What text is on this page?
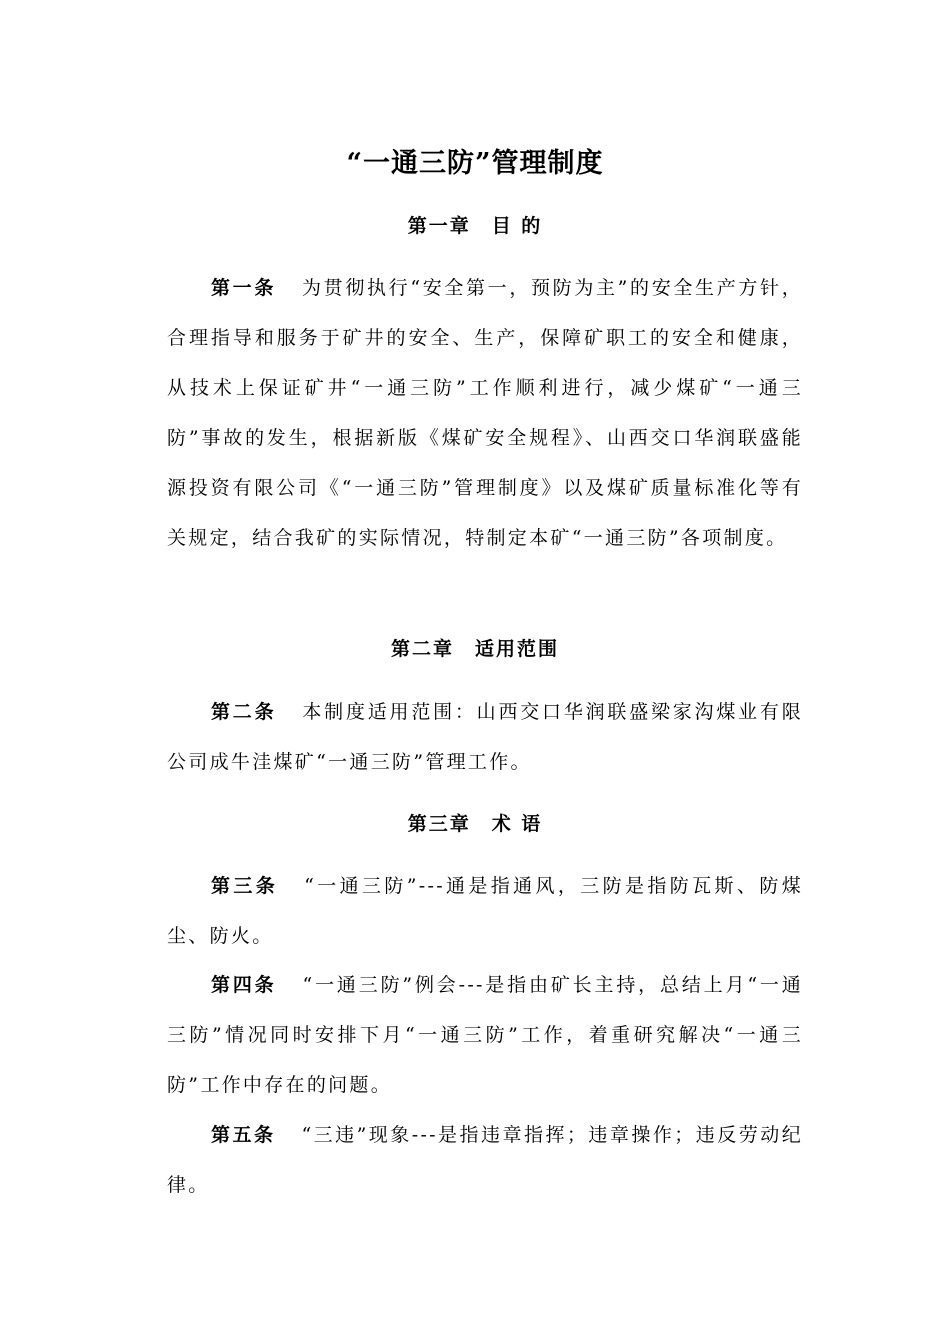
“一通三防”管理制度
第一章　目 的

第一条 为贯彻执行“安全第一，预防为主”的安全生产方针，合理指导和服务于矿井的安全、生产，保障矿职工的安全和健康，从技术上保证矿井“一通三防”工作顺利进行，减少煤矿“一通三防”事故的发生，根据新版《煤矿安全规程》、山西交口华润联盛能源投资有限公司《“一通三防”管理制度》以及煤矿质量标准化等有关规定，结合我矿的实际情况，特制定本矿“一通三防”各项制度。

第二章　适用范围

第二条 本制度适用范围：山西交口华润联盛梁家沟煤业有限公司成牛洼煤矿“一通三防”管理工作。

第三章　术 语

第三条 “一通三防”---通是指通风，三防是指防瓦斯、防煤尘、防火。

第四条 “一通三防”例会---是指由矿长主持，总结上月“一通三防”情况同时安排下月“一通三防”工作，着重研究解决“一通三防”工作中存在的问题。

第五条 “三违”现象---是指违章指挥；违章操作；违反劳动纪律。
